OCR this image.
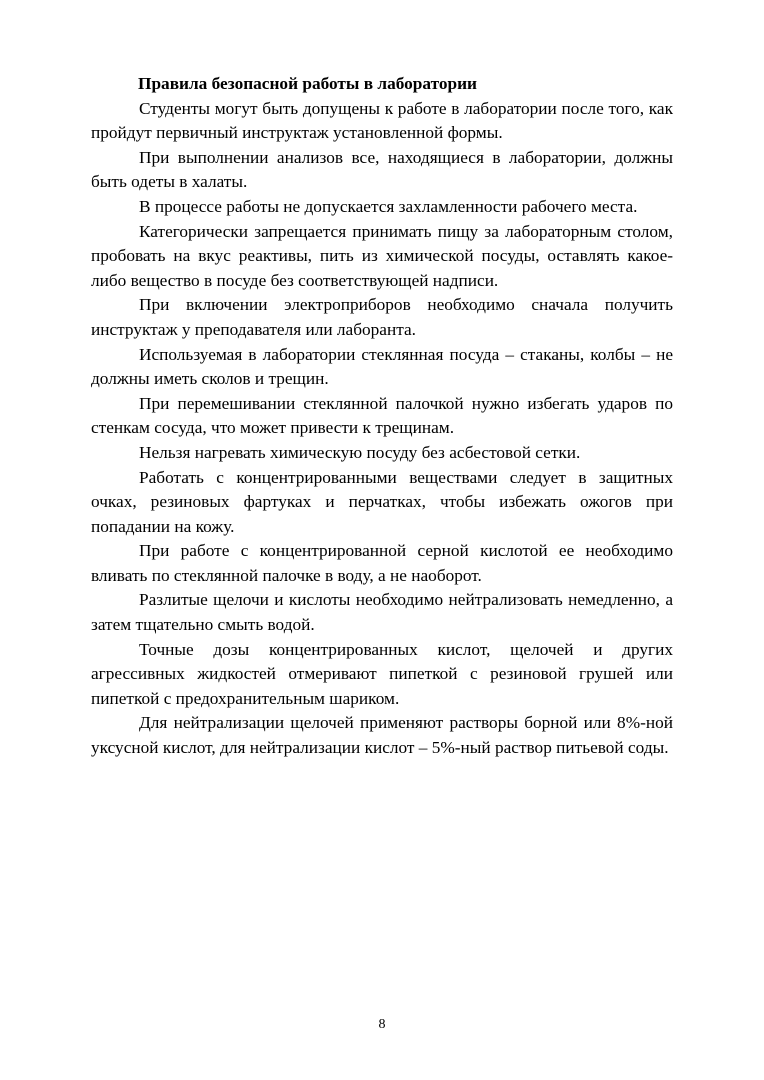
Правила безопасной работы в лаборатории

Студенты могут быть допущены к работе в лаборатории после того, как пройдут первичный инструктаж установленной формы.

При выполнении анализов все, находящиеся в лаборатории, должны быть одеты в халаты.

В процессе работы не допускается захламленности рабочего места.

Категорически запрещается принимать пищу за лабораторным столом, пробовать на вкус реактивы, пить из химической посуды, оставлять какое-либо вещество в посуде без соответствующей надписи.

При включении электроприборов необходимо сначала получить инструктаж у преподавателя или лаборанта.

Используемая в лаборатории стеклянная посуда – стаканы, колбы – не должны иметь сколов и трещин.

При перемешивании стеклянной палочкой нужно избегать ударов по стенкам сосуда, что может привести к трещинам.

Нельзя нагревать химическую посуду без асбестовой сетки.

Работать с концентрированными веществами следует в защитных очках, резиновых фартуках и перчатках, чтобы избежать ожогов при попадании на кожу.

При работе с концентрированной серной кислотой ее необходимо вливать по стеклянной палочке в воду, а не наоборот.

Разлитые щелочи и кислоты необходимо нейтрализовать немедленно, а затем тщательно смыть водой.

Точные дозы концентрированных кислот, щелочей и других агрессивных жидкостей отмеривают пипеткой с резиновой грушей или пипеткой с предохранительным шариком.

Для нейтрализации щелочей применяют растворы борной или 8%-ной уксусной кислот, для нейтрализации кислот – 5%-ный раствор питьевой соды.

8
